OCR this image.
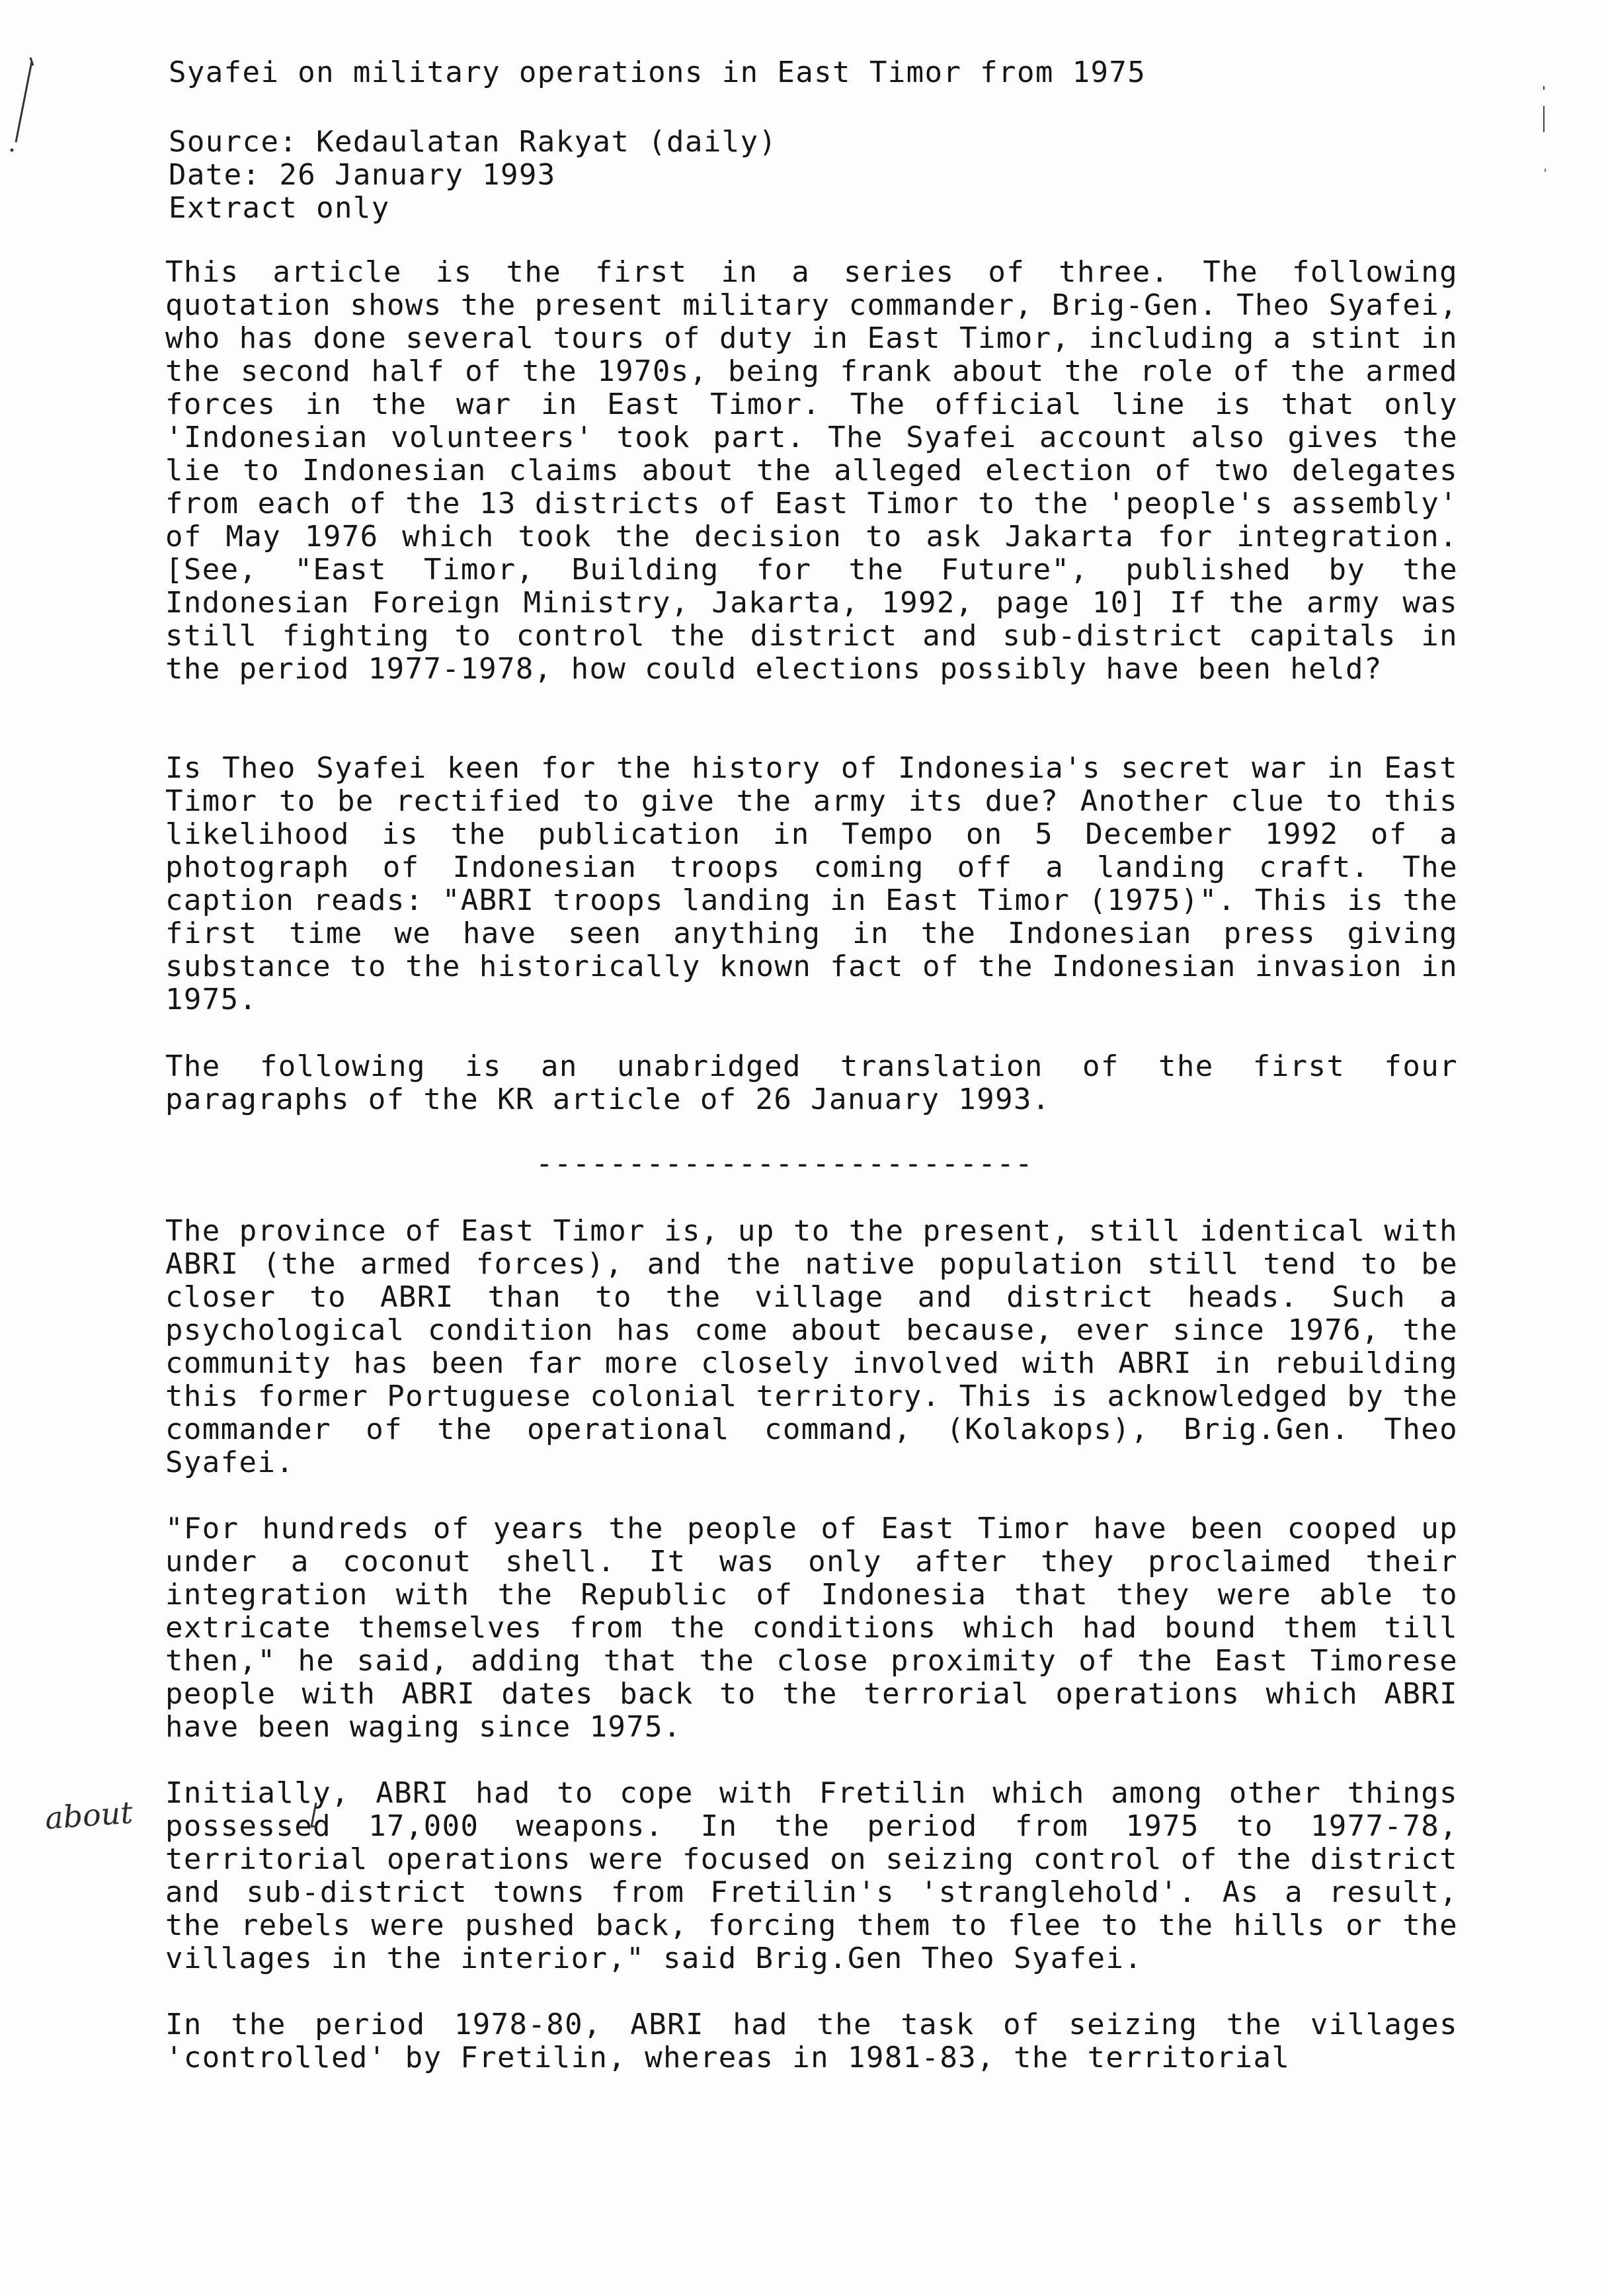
Syafei on military operations in East Timor from 1975
Source: Kedaulatan Rakyat (daily)
Date: 26 January 1993
Extract only

This article is the first in a series of three. The following quotation shows the present military commander, Brig-Gen. Theo Syafei, who has done several tours of duty in East Timor, including a stint in the second half of the 1970s, being frank about the role of the armed forces in the war in East Timor. The official line is that only 'Indonesian volunteers' took part. The Syafei account also gives the lie to Indonesian claims about the alleged election of two delegates from each of the 13 districts of East Timor to the 'people's assembly' of May 1976 which took the decision to ask Jakarta for integration. [See, "East Timor, Building for the Future", published by the Indonesian Foreign Ministry, Jakarta, 1992, page 10] If the army was still fighting to control the district and sub-district capitals in the period 1977-1978, how could elections possibly have been held?

Is Theo Syafei keen for the history of Indonesia's secret war in East Timor to be rectified to give the army its due? Another clue to this likelihood is the publication in Tempo on 5 December 1992 of a photograph of Indonesian troops coming off a landing craft. The caption reads: "ABRI troops landing in East Timor (1975)". This is the first time we have seen anything in the Indonesian press giving substance to the historically known fact of the Indonesian invasion in 1975.

The following is an unabridged translation of the first four paragraphs of the KR article of 26 January 1993.

---------------------------

The province of East Timor is, up to the present, still identical with ABRI (the armed forces), and the native population still tend to be closer to ABRI than to the village and district heads. Such a psychological condition has come about because, ever since 1976, the community has been far more closely involved with ABRI in rebuilding this former Portuguese colonial territory. This is acknowledged by the commander of the operational command, (Kolakops), Brig.Gen. Theo Syafei.

"For hundreds of years the people of East Timor have been cooped up under a coconut shell. It was only after they proclaimed their integration with the Republic of Indonesia that they were able to extricate themselves from the conditions which had bound them till then," he said, adding that the close proximity of the East Timorese people with ABRI dates back to the terrorial operations which ABRI have been waging since 1975.

Initially, ABRI had to cope with Fretilin which among other things possessed 17,000 weapons. In the period from 1975 to 1977-78, territorial operations were focused on seizing control of the district and sub-district towns from Fretilin's 'stranglehold'. As a result, the rebels were pushed back, forcing them to flee to the hills or the villages in the interior," said Brig.Gen Theo Syafei.

In the period 1978-80, ABRI had the task of seizing the villages 'controlled' by Fretilin, whereas in 1981-83, the territorial

about
